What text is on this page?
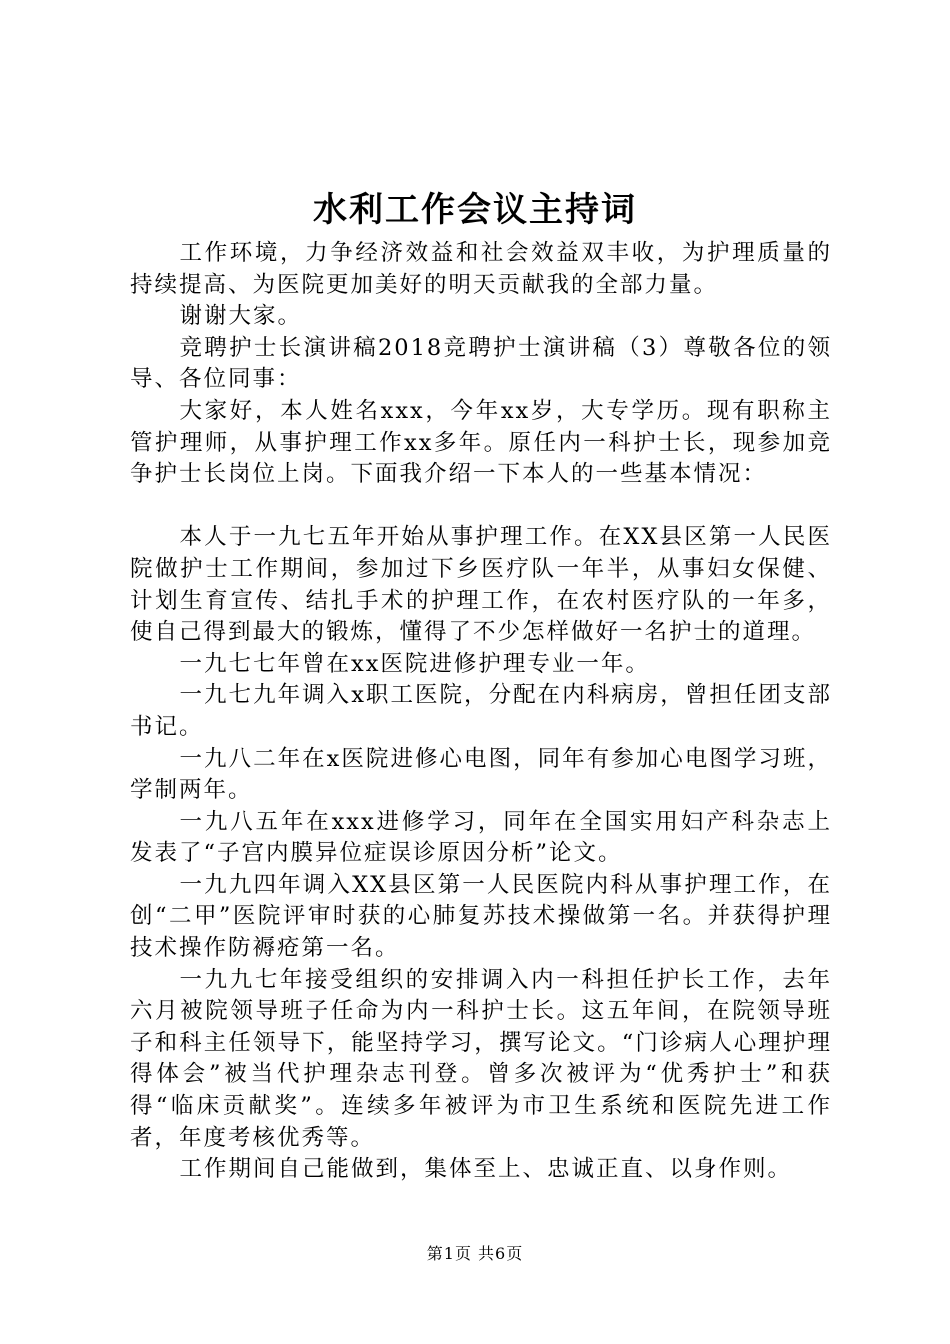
水利工作会议主持词

工作环境，力争经济效益和社会效益双丰收，为护理质量的持续提高、为医院更加美好的明天贡献我的全部力量。

谢谢大家。

竞聘护士长演讲稿2018竞聘护士演讲稿（3）尊敬各位的领导、各位同事：

大家好，本人姓名xxx，今年xx岁，大专学历。现有职称主管护理师，从事护理工作xx多年。原任内一科护士长，现参加竞争护士长岗位上岗。下面我介绍一下本人的一些基本情况：

本人于一九七五年开始从事护理工作。在XX县区第一人民医院做护士工作期间，参加过下乡医疗队一年半，从事妇女保健、计划生育宣传、结扎手术的护理工作，在农村医疗队的一年多，使自己得到最大的锻炼，懂得了不少怎样做好一名护士的道理。

一九七七年曾在xx医院进修护理专业一年。

一九七九年调入x职工医院，分配在内科病房，曾担任团支部书记。

一九八二年在x医院进修心电图，同年有参加心电图学习班，学制两年。

一九八五年在xxx进修学习，同年在全国实用妇产科杂志上发表了“子宫内膜异位症误诊原因分析”论文。

一九九四年调入XX县区第一人民医院内科从事护理工作，在创“二甲”医院评审时获的心肺复苏技术操做第一名。并获得护理技术操作防褥疮第一名。

一九九七年接受组织的安排调入内一科担任护长工作，去年六月被院领导班子任命为内一科护士长。这五年间，在院领导班子和科主任领导下，能坚持学习，撰写论文。“门诊病人心理护理得体会”被当代护理杂志刊登。曾多次被评为“优秀护士”和获得“临床贡献奖”。连续多年被评为市卫生系统和医院先进工作者，年度考核优秀等。

工作期间自己能做到，集体至上、忠诚正直、以身作则。

第1页 共6页
